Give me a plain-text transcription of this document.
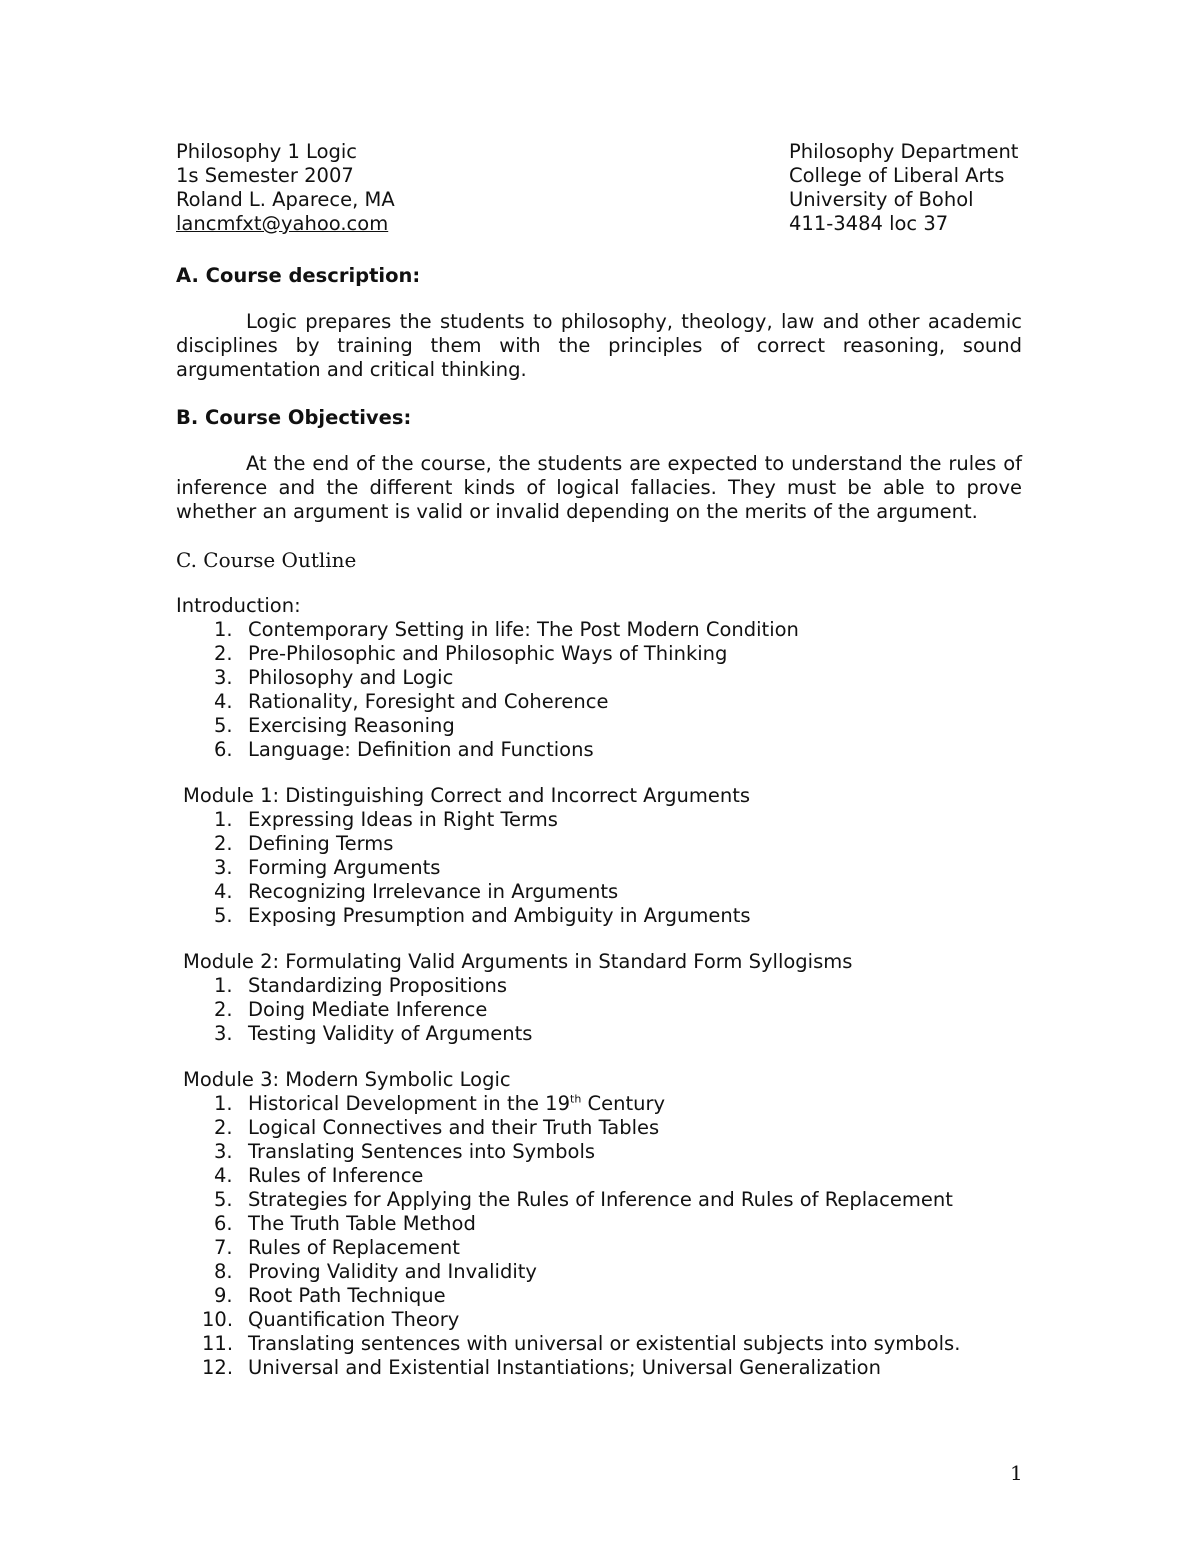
Philosophy 1 Logic
1s Semester 2007
Roland L. Aparece, MA
lancmfxt@yahoo.com
Philosophy Department
College of Liberal Arts
University of Bohol
411-3484 loc 37

A. Course description:

Logic prepares the students to philosophy, theology, law and other academic disciplines by training them with the principles of correct reasoning, sound argumentation and critical thinking.

B. Course Objectives:

At the end of the course, the students are expected to understand the rules of inference and the different kinds of logical fallacies. They must be able to prove whether an argument is valid or invalid depending on the merits of the argument.

C. Course Outline
Introduction:
1. Contemporary Setting in life: The Post Modern Condition
2. Pre-Philosophic and Philosophic Ways of Thinking
3. Philosophy and Logic
4. Rationality, Foresight and Coherence
5. Exercising Reasoning
6. Language: Definition and Functions
Module 1: Distinguishing Correct and Incorrect Arguments
1. Expressing Ideas in Right Terms
2. Defining Terms
3. Forming Arguments
4. Recognizing Irrelevance in Arguments
5. Exposing Presumption and Ambiguity in Arguments
Module 2: Formulating Valid Arguments in Standard Form Syllogisms
1. Standardizing Propositions
2. Doing Mediate Inference
3. Testing Validity of Arguments
Module 3: Modern Symbolic Logic
1. Historical Development in the 19th Century
2. Logical Connectives and their Truth Tables
3. Translating Sentences into Symbols
4. Rules of Inference
5. Strategies for Applying the Rules of Inference and Rules of Replacement
6. The Truth Table Method
7. Rules of Replacement
8. Proving Validity and Invalidity
9. Root Path Technique
10. Quantification Theory
11. Translating sentences with universal or existential subjects into symbols.
12. Universal and Existential Instantiations; Universal Generalization
1
